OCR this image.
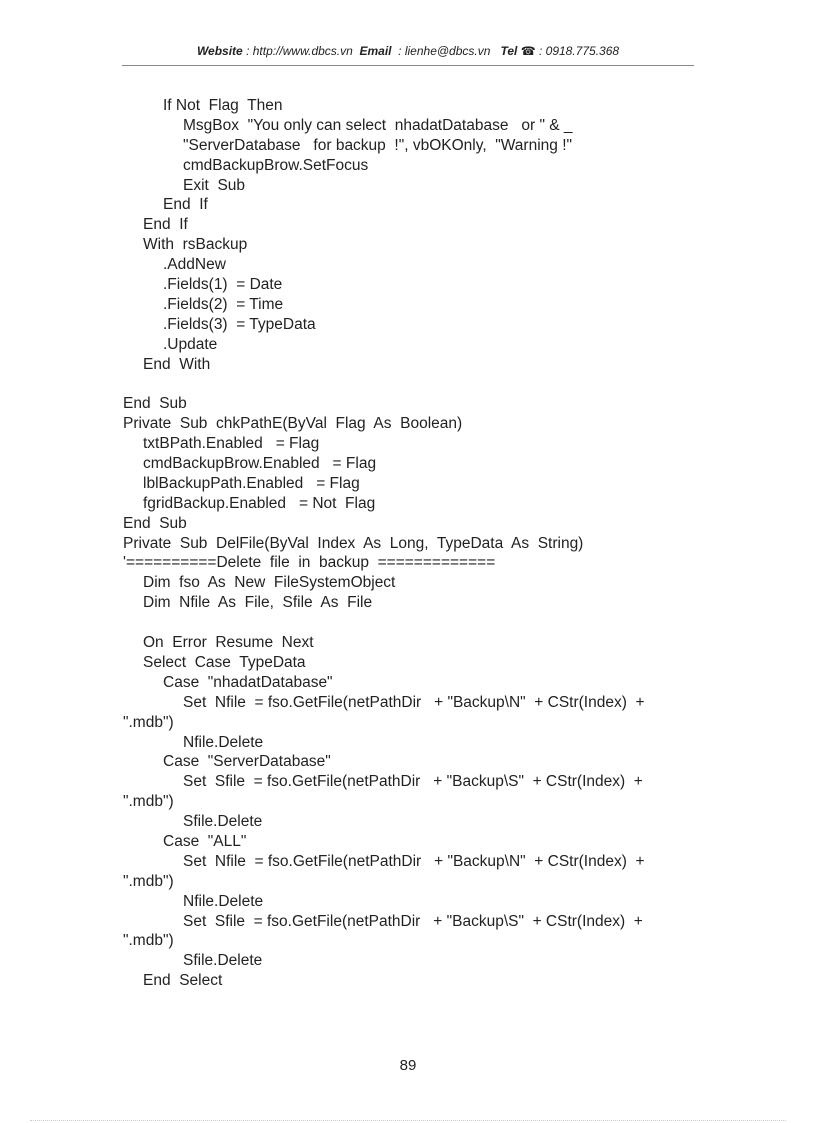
Website : http://www.dbcs.vn Email  : lienhe@dbcs.vn Tel ☎ : 0918.775.368
If Not  Flag  Then
MsgBox  "You only can select  nhadatDatabase   or " & _
"ServerDatabase   for backup  !", vbOKOnly,  "Warning !"
cmdBackupBrow.SetFocus
Exit  Sub
End  If
End  If
With  rsBackup
.AddNew
.Fields(1)  = Date
.Fields(2)  = Time
.Fields(3)  = TypeData
.Update
End  With
End  Sub
Private  Sub  chkPathE(ByVal  Flag  As  Boolean)
txtBPath.Enabled   = Flag
cmdBackupBrow.Enabled   = Flag
lblBackupPath.Enabled   = Flag
fgridBackup.Enabled   = Not  Flag
End  Sub
Private  Sub  DelFile(ByVal  Index  As  Long,  TypeData  As  String)
'==========Delete  file  in  backup  =============
Dim  fso  As  New  FileSystemObject
Dim  Nfile  As  File,  Sfile  As  File
On  Error  Resume  Next
Select  Case  TypeData
Case  "nhadatDatabase"
Set  Nfile  = fso.GetFile(netPathDir   + "Backup\N"  + CStr(Index)  +
".mdb")
Nfile.Delete
Case  "ServerDatabase"
Set  Sfile  = fso.GetFile(netPathDir   + "Backup\S"  + CStr(Index)  +
".mdb")
Sfile.Delete
Case  "ALL"
Set  Nfile  = fso.GetFile(netPathDir   + "Backup\N"  + CStr(Index)  +
".mdb")
Nfile.Delete
Set  Sfile  = fso.GetFile(netPathDir   + "Backup\S"  + CStr(Index)  +
".mdb")
Sfile.Delete
End  Select
89
